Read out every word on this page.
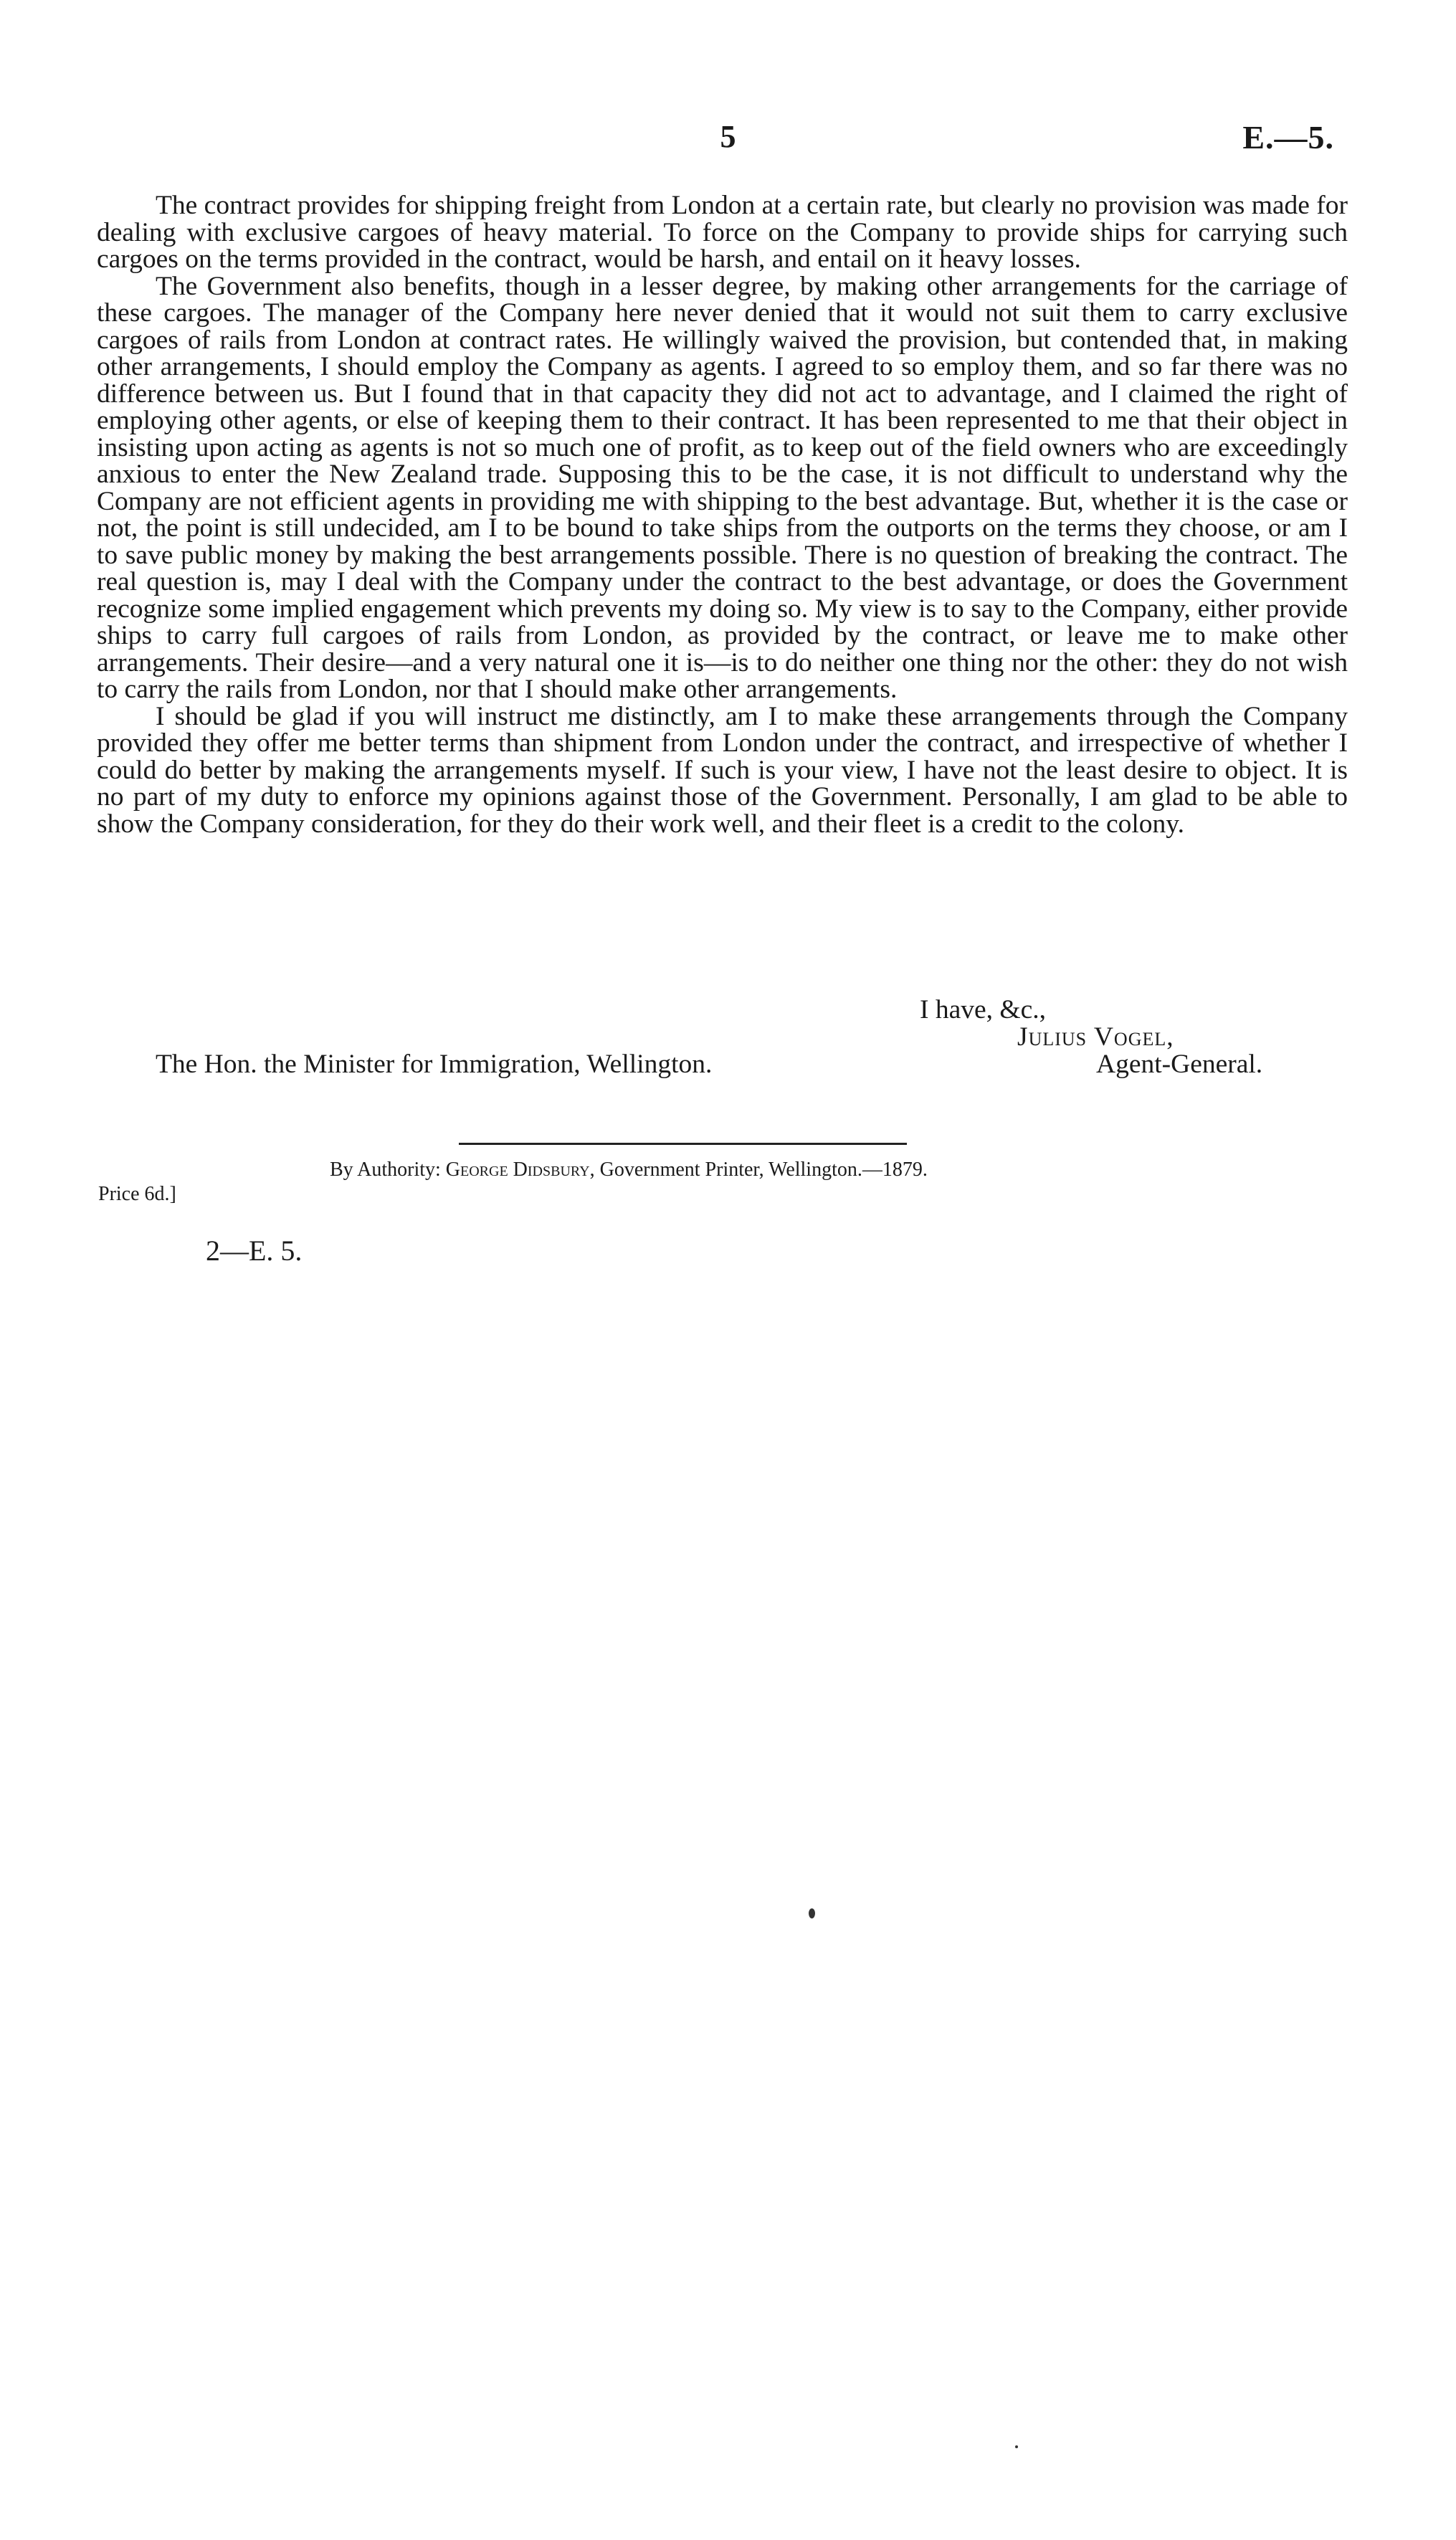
5	E.—5.

The contract provides for shipping freight from London at a certain rate, but clearly no provision was made for dealing with exclusive cargoes of heavy material. To force on the Company to provide ships for carrying such cargoes on the terms provided in the contract, would be harsh, and entail on it heavy losses.

The Government also benefits, though in a lesser degree, by making other arrangements for the carriage of these cargoes. The manager of the Company here never denied that it would not suit them to carry exclusive cargoes of rails from London at contract rates. He willingly waived the provision, but contended that, in making other arrangements, I should employ the Company as agents. I agreed to so employ them, and so far there was no difference between us. But I found that in that capacity they did not act to advantage, and I claimed the right of employing other agents, or else of keeping them to their contract. It has been represented to me that their object in insisting upon acting as agents is not so much one of profit, as to keep out of the field owners who are exceedingly anxious to enter the New Zealand trade. Supposing this to be the case, it is not difficult to understand why the Company are not efficient agents in providing me with shipping to the best advantage. But, whether it is the case or not, the point is still undecided, am I to be bound to take ships from the outports on the terms they choose, or am I to save public money by making the best arrangements possible. There is no question of breaking the contract. The real question is, may I deal with the Company under the contract to the best advantage, or does the Government recognize some implied engagement which prevents my doing so. My view is to say to the Company, either provide ships to carry full cargoes of rails from London, as provided by the contract, or leave me to make other arrangements. Their desire—and a very natural one it is—is to do neither one thing nor the other: they do not wish to carry the rails from London, nor that I should make other arrangements.

I should be glad if you will instruct me distinctly, am I to make these arrangements through the Company provided they offer me better terms than shipment from London under the contract, and irrespective of whether I could do better by making the arrangements myself. If such is your view, I have not the least desire to object. It is no part of my duty to enforce my opinions against those of the Government. Personally, I am glad to be able to show the Company consideration, for they do their work well, and their fleet is a credit to the colony.

I have, &c.,
Julius Vogel,
The Hon. the Minister for Immigration, Wellington.	Agent-General.
By Authority: George Didsbury, Government Printer, Wellington.—1879.
Price 6d.]
2—E. 5.
